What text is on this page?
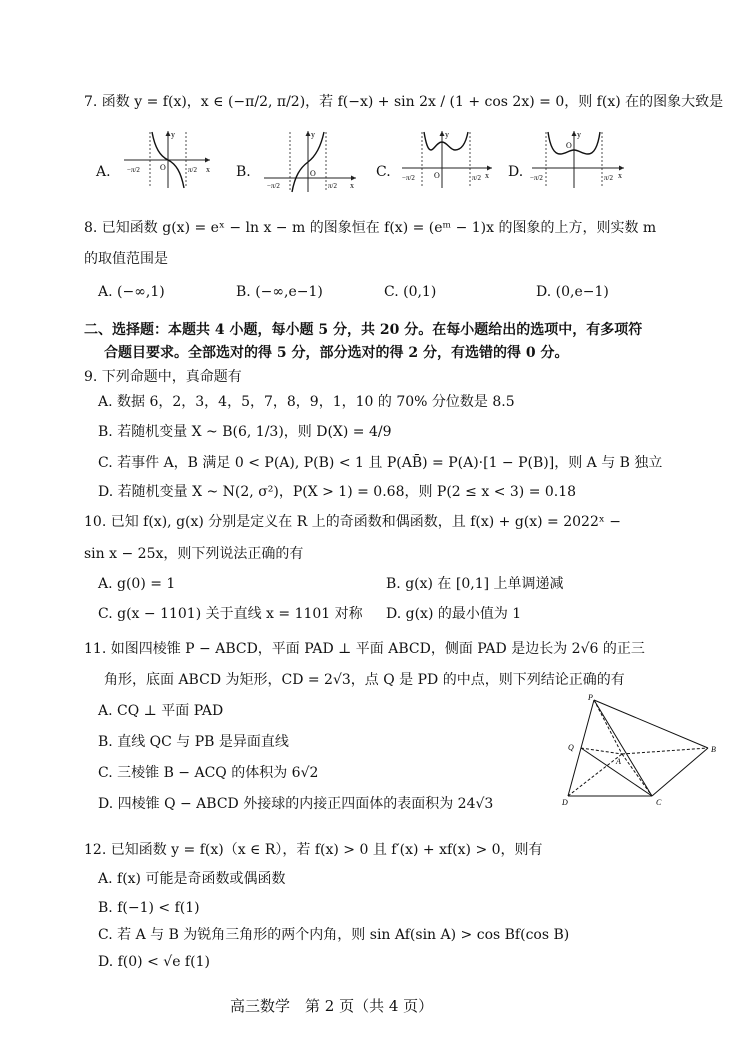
7. 函数 y = f(x)，x ∈ (−π/2, π/2)，若 f(−x) + sin 2x / (1 + cos 2x) = 0，则 f(x) 在的图象大致是
A.
y
x
O
−π/2	π/2	B.
y
x
O
−π/2	π/2
C.
y
x
O
−π/2	π/2 D.
y
x
O
−π/2	π/2
8. 已知函数 g(x) = eˣ − ln x − m 的图象恒在 f(x) = (eᵐ − 1)x 的图象的上方，则实数 m
的取值范围是
A. (−∞,1)	B. (−∞,e−1)	C. (0,1)	D. (0,e−1)
二、选择题：本题共 4 小题，每小题 5 分，共 20 分。在每小题给出的选项中，有多项符
合题目要求。全部选对的得 5 分，部分选对的得 2 分，有选错的得 0 分。
9. 下列命题中，真命题有
A. 数据 6，2，3，4，5，7，8，9，1，10 的 70% 分位数是 8.5
B. 若随机变量 X ~ B(6, 1/3)，则 D(X) = 4/9
C. 若事件 A，B 满足 0 < P(A), P(B) < 1 且 P(AB̄) = P(A)·[1 − P(B)]，则 A 与 B 独立
D. 若随机变量 X ~ N(2, σ²)，P(X > 1) = 0.68，则 P(2 ≤ x < 3) = 0.18
10. 已知 f(x), g(x) 分别是定义在 R 上的奇函数和偶函数，且 f(x) + g(x) = 2022ˣ −
sin x − 25x，则下列说法正确的有
A. g(0) = 1	B. g(x) 在 [0,1] 上单调递减
C. g(x − 1101) 关于直线 x = 1101 对称 D. g(x) 的最小值为 1
11. 如图四棱锥 P − ABCD，平面 PAD ⊥ 平面 ABCD，侧面 PAD 是边长为 2√6 的正三
角形，底面 ABCD 为矩形，CD = 2√3，点 Q 是 PD 的中点，则下列结论正确的有
A. CQ ⊥ 平面 PAD
B. 直线 QC 与 PB 是异面直线
C. 三棱锥 B − ACQ 的体积为 6√2
D. 四棱锥 Q − ABCD 外接球的内接正四面体的表面积为 24√3
P
Q
A
B
C
D
12. 已知函数 y = f(x)（x ∈ R），若 f(x) > 0 且 f′(x) + xf(x) > 0，则有
A. f(x) 可能是奇函数或偶函数
B. f(−1) < f(1)
C. 若 A 与 B 为锐角三角形的两个内角，则 sin Af(sin A) > cos Bf(cos B)
D. f(0) < √e f(1)
高三数学　第 2 页（共 4 页）
